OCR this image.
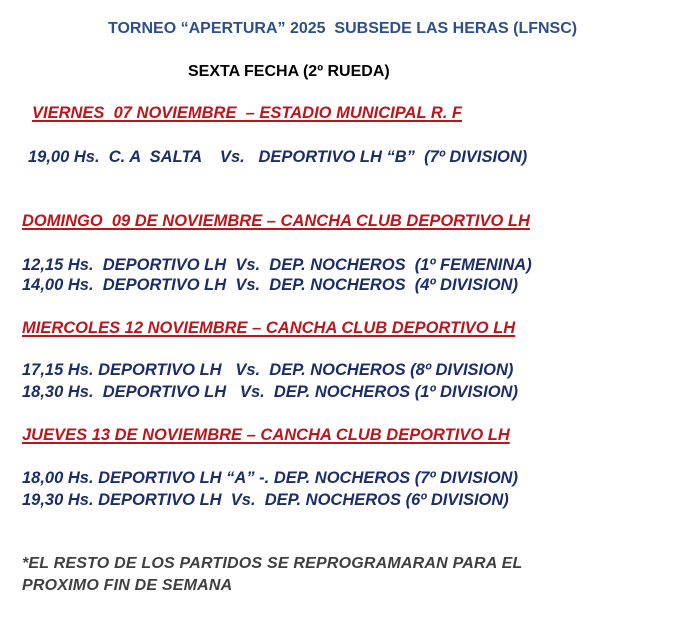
TORNEO “APERTURA” 2025  SUBSEDE LAS HERAS (LFNSC)
SEXTA FECHA (2º RUEDA)
VIERNES  07 NOVIEMBRE  – ESTADIO MUNICIPAL R. F
19,00 Hs.  C. A  SALTA    Vs.   DEPORTIVO LH “B”  (7º DIVISION)
DOMINGO  09 DE NOVIEMBRE – CANCHA CLUB DEPORTIVO LH
12,15 Hs.  DEPORTIVO LH  Vs.  DEP. NOCHEROS  (1º FEMENINA)
14,00 Hs.  DEPORTIVO LH  Vs.  DEP. NOCHEROS  (4º DIVISION)
MIERCOLES 12 NOVIEMBRE – CANCHA CLUB DEPORTIVO LH
17,15 Hs. DEPORTIVO LH   Vs.  DEP. NOCHEROS (8º DIVISION)
18,30 Hs.  DEPORTIVO LH   Vs.  DEP. NOCHEROS (1º DIVISION)
JUEVES 13 DE NOVIEMBRE – CANCHA CLUB DEPORTIVO LH
18,00 Hs. DEPORTIVO LH “A” -. DEP. NOCHEROS (7º DIVISION)
19,30 Hs. DEPORTIVO LH  Vs.  DEP. NOCHEROS (6º DIVISION)
*EL RESTO DE LOS PARTIDOS SE REPROGRAMARAN PARA EL
PROXIMO FIN DE SEMANA
